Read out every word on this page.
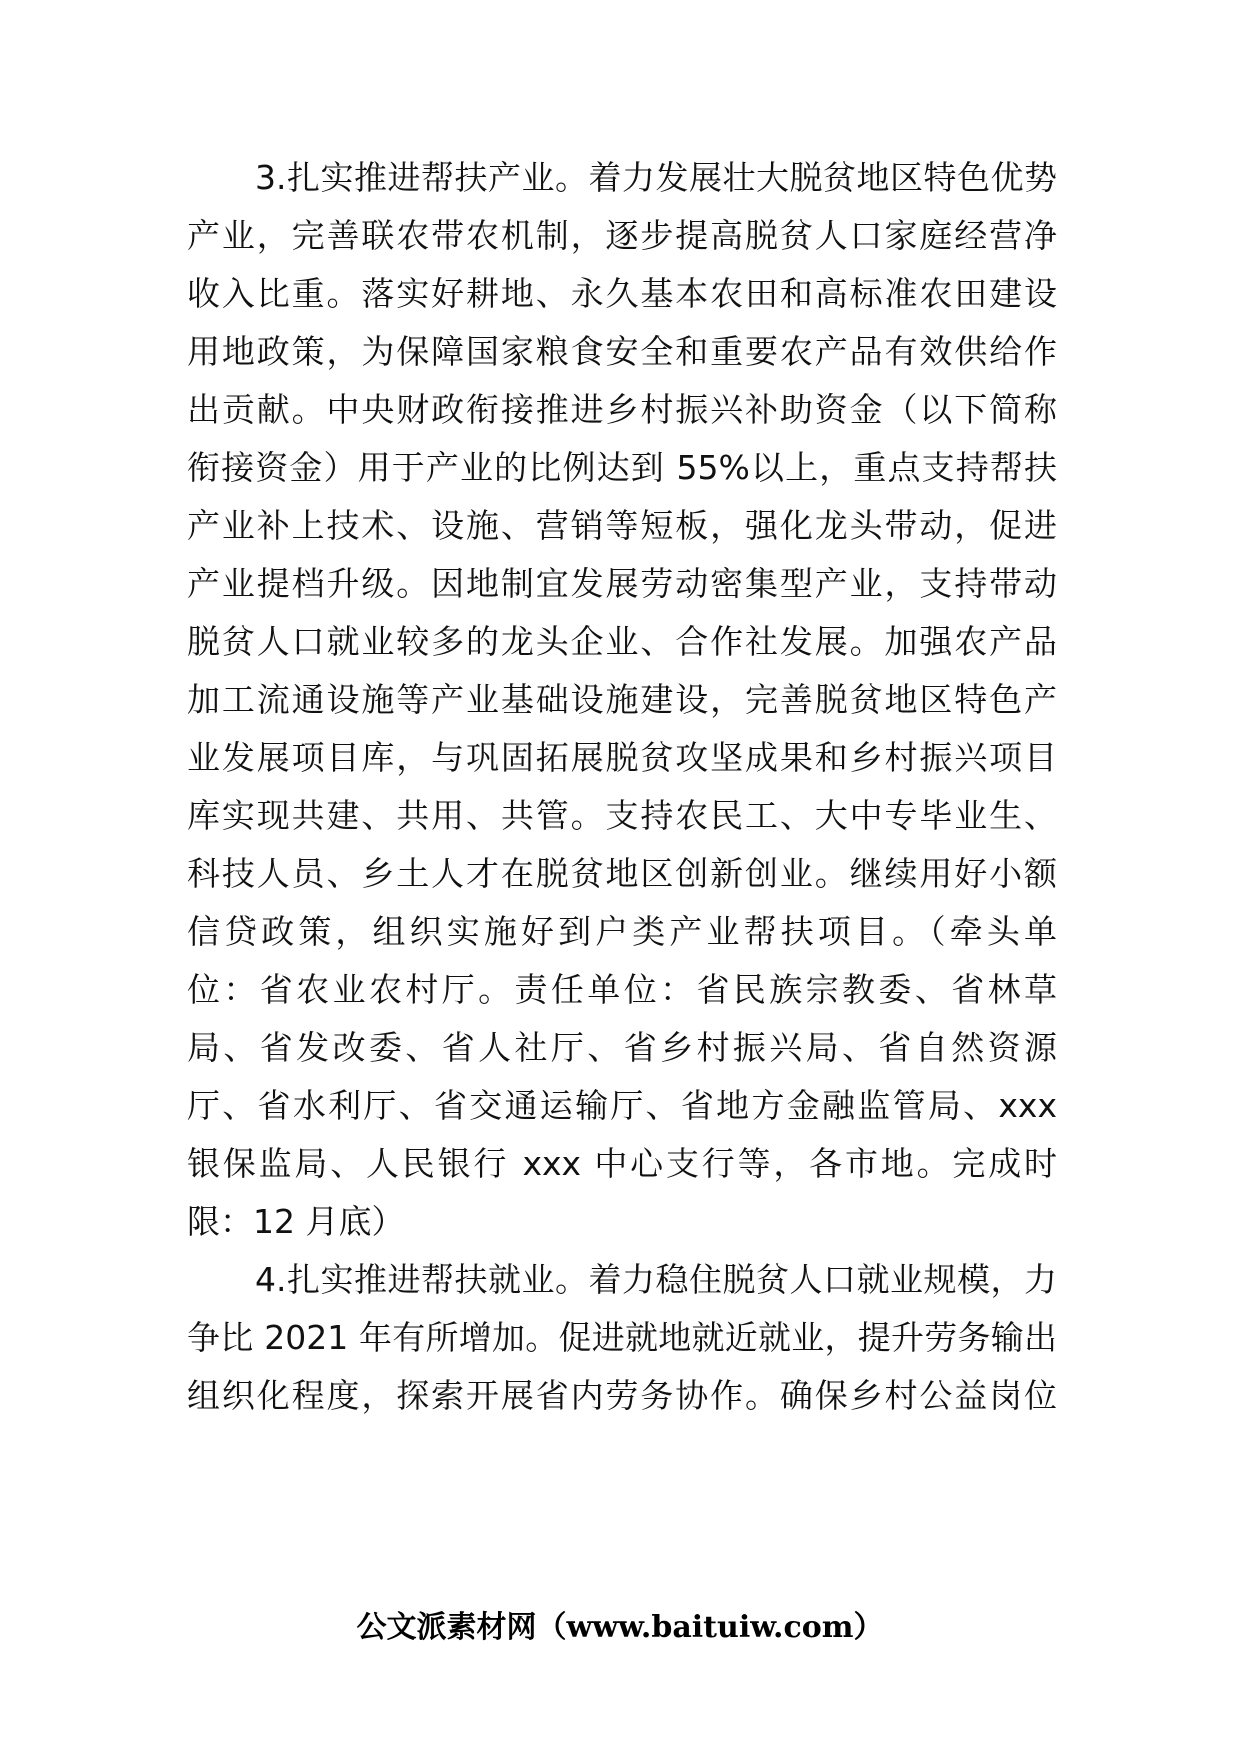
3.扎实推进帮扶产业。着力发展壮大脱贫地区特色优势
产业，完善联农带农机制，逐步提高脱贫人口家庭经营净
收入比重。落实好耕地、永久基本农田和高标准农田建设
用地政策，为保障国家粮食安全和重要农产品有效供给作
出贡献。中央财政衔接推进乡村振兴补助资金（以下简称
衔接资金）用于产业的比例达到 55%以上，重点支持帮扶
产业补上技术、设施、营销等短板，强化龙头带动，促进
产业提档升级。因地制宜发展劳动密集型产业，支持带动
脱贫人口就业较多的龙头企业、合作社发展。加强农产品
加工流通设施等产业基础设施建设，完善脱贫地区特色产
业发展项目库，与巩固拓展脱贫攻坚成果和乡村振兴项目
库实现共建、共用、共管。支持农民工、大中专毕业生、
科技人员、乡土人才在脱贫地区创新创业。继续用好小额
信贷政策，组织实施好到户类产业帮扶项目。（牵头单
位：省农业农村厅。责任单位：省民族宗教委、省林草
局、省发改委、省人社厅、省乡村振兴局、省自然资源
厅、省水利厅、省交通运输厅、省地方金融监管局、xxx
银保监局、人民银行 xxx 中心支行等，各市地。完成时
限：12 月底）
4.扎实推进帮扶就业。着力稳住脱贫人口就业规模，力
争比 2021 年有所增加。促进就地就近就业，提升劳务输出
组织化程度，探索开展省内劳务协作。确保乡村公益岗位
公文派素材网（www.baituiw.com）
